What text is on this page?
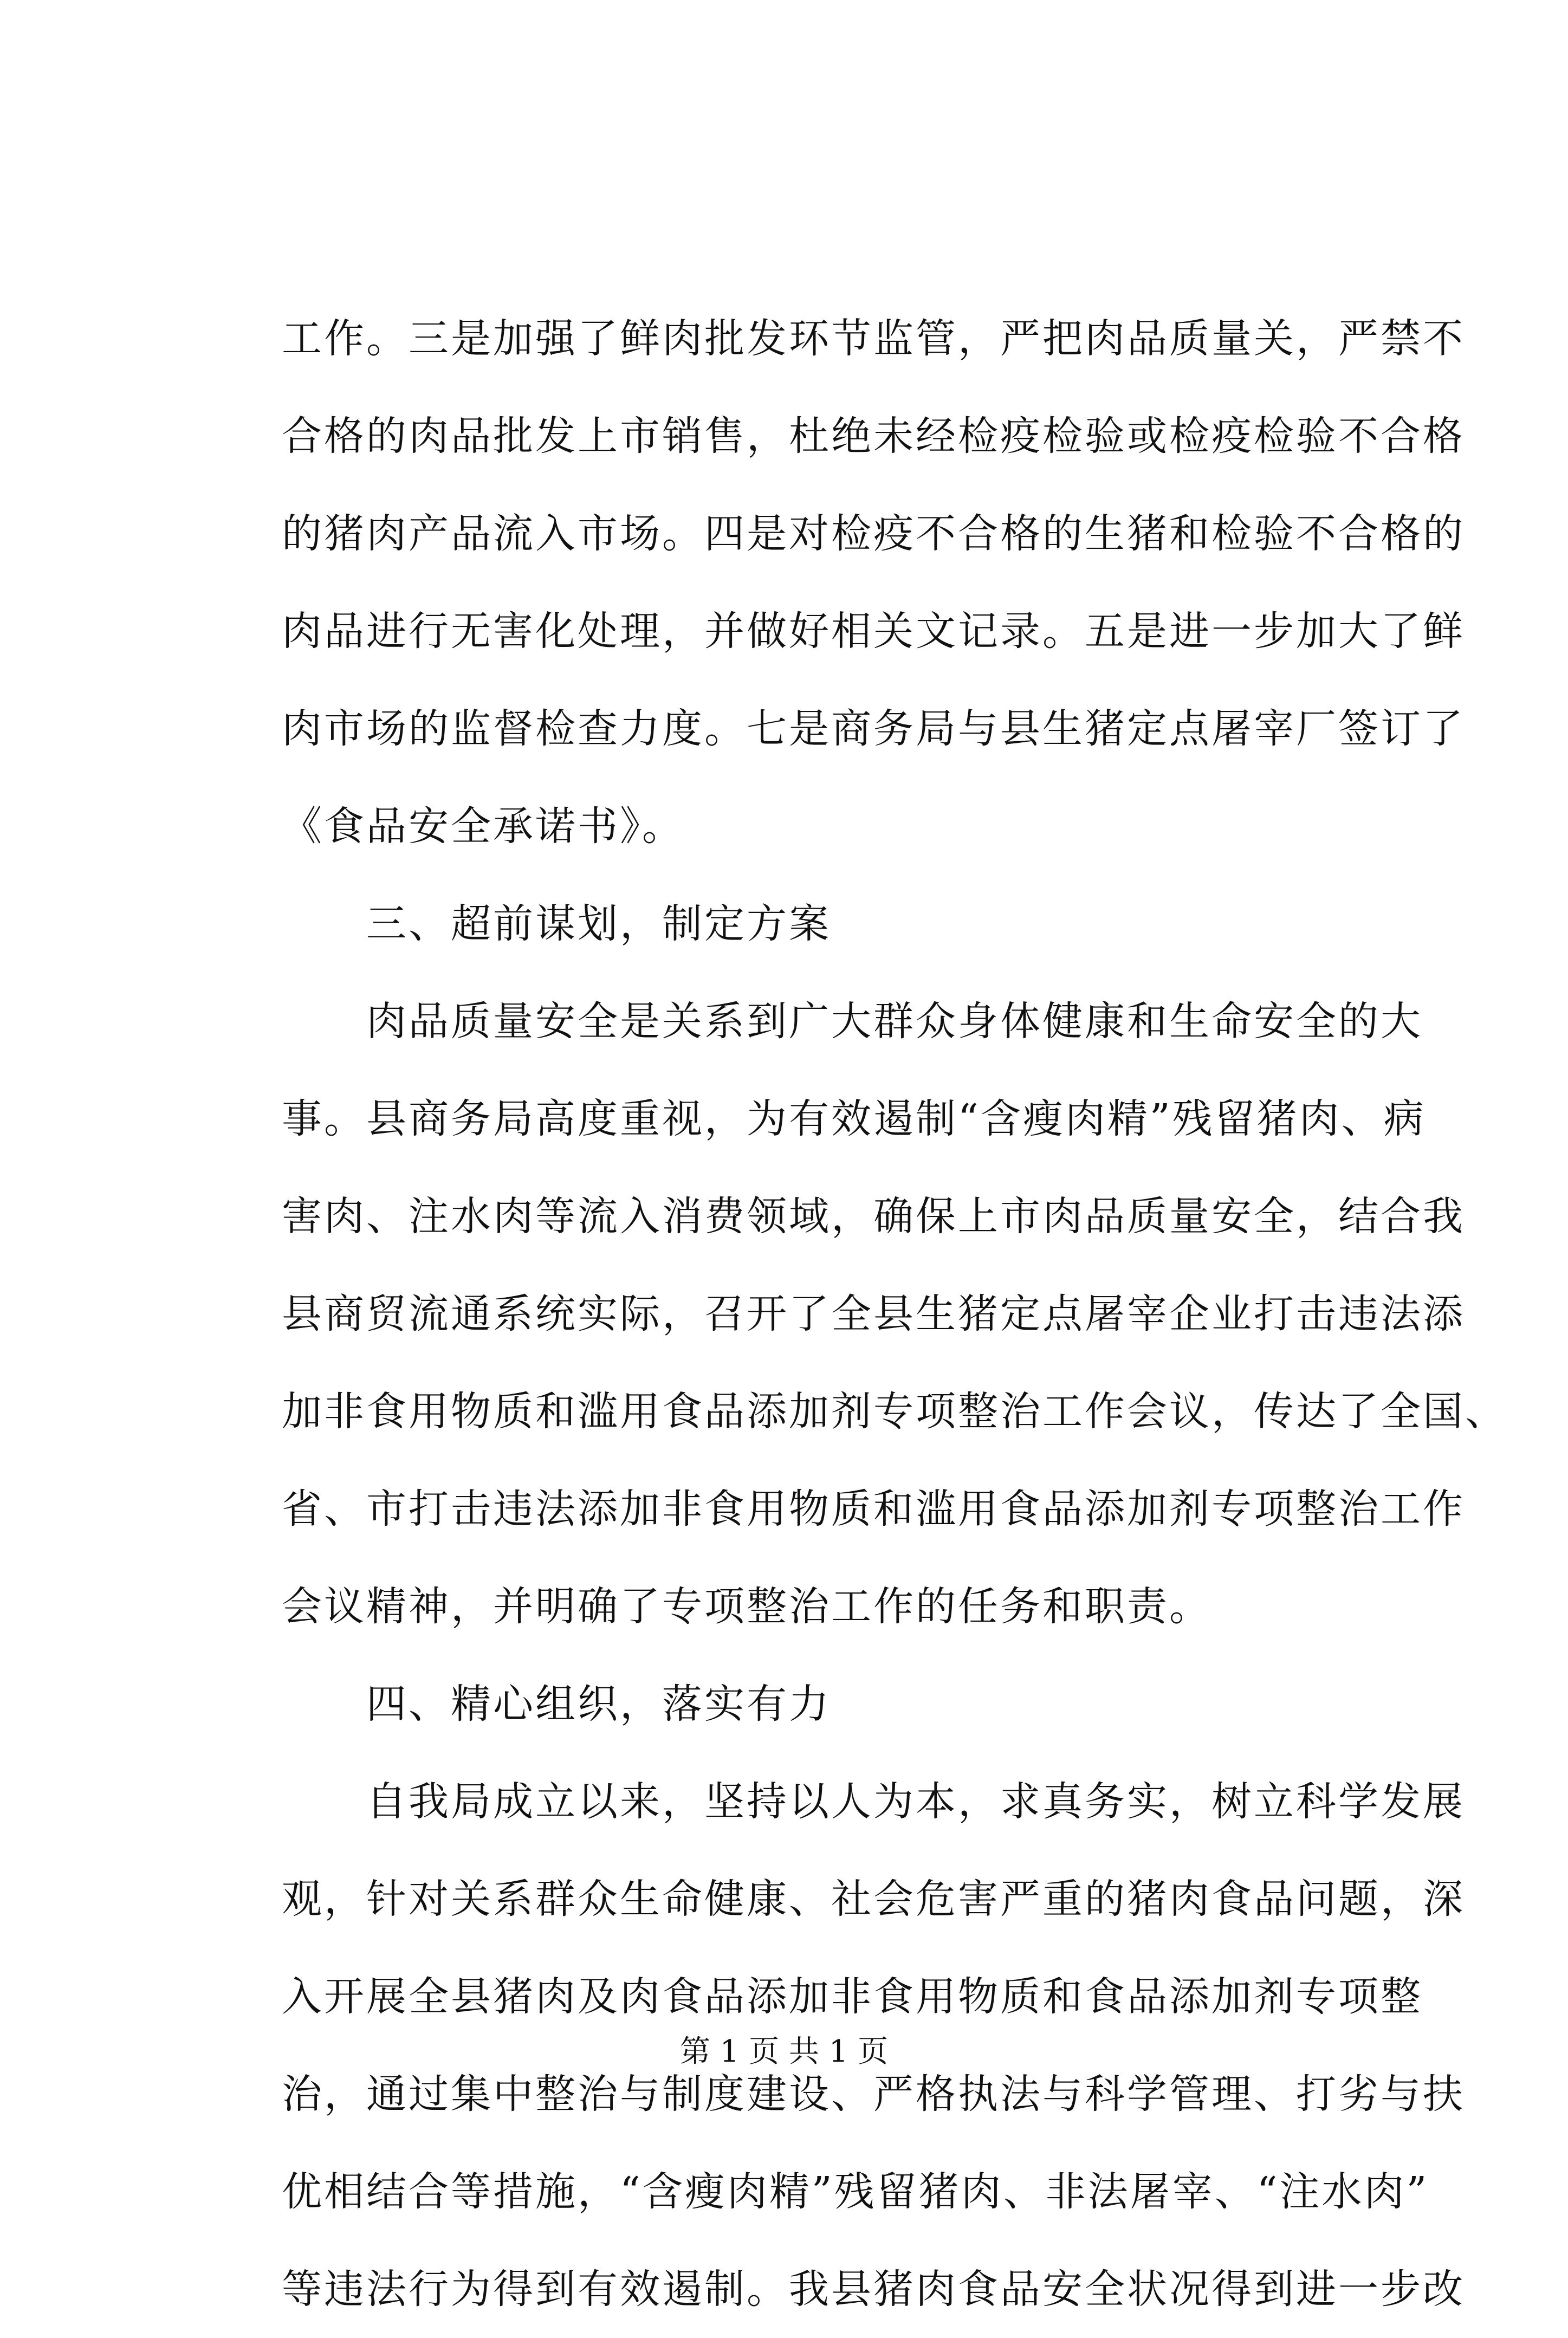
工作。三是加强了鲜肉批发环节监管，严把肉品质量关，严禁不
合格的肉品批发上市销售，杜绝未经检疫检验或检疫检验不合格
的猪肉产品流入市场。四是对检疫不合格的生猪和检验不合格的
肉品进行无害化处理，并做好相关文记录。五是进一步加大了鲜
肉市场的监督检查力度。七是商务局与县生猪定点屠宰厂签订了
《食品安全承诺书》。
　　三、超前谋划，制定方案
　　肉品质量安全是关系到广大群众身体健康和生命安全的大
事。县商务局高度重视，为有效遏制“含瘦肉精”残留猪肉、病
害肉、注水肉等流入消费领域，确保上市肉品质量安全，结合我
县商贸流通系统实际，召开了全县生猪定点屠宰企业打击违法添
加非食用物质和滥用食品添加剂专项整治工作会议，传达了全国、
省、市打击违法添加非食用物质和滥用食品添加剂专项整治工作
会议精神，并明确了专项整治工作的任务和职责。
　　四、精心组织，落实有力
　　自我局成立以来，坚持以人为本，求真务实，树立科学发展
观，针对关系群众生命健康、社会危害严重的猪肉食品问题，深
入开展全县猪肉及肉食品添加非食用物质和食品添加剂专项整
治，通过集中整治与制度建设、严格执法与科学管理、打劣与扶
优相结合等措施，“含瘦肉精”残留猪肉、非法屠宰、“注水肉”
等违法行为得到有效遏制。我县猪肉食品安全状况得到进一步改
第 1 页 共 1 页
